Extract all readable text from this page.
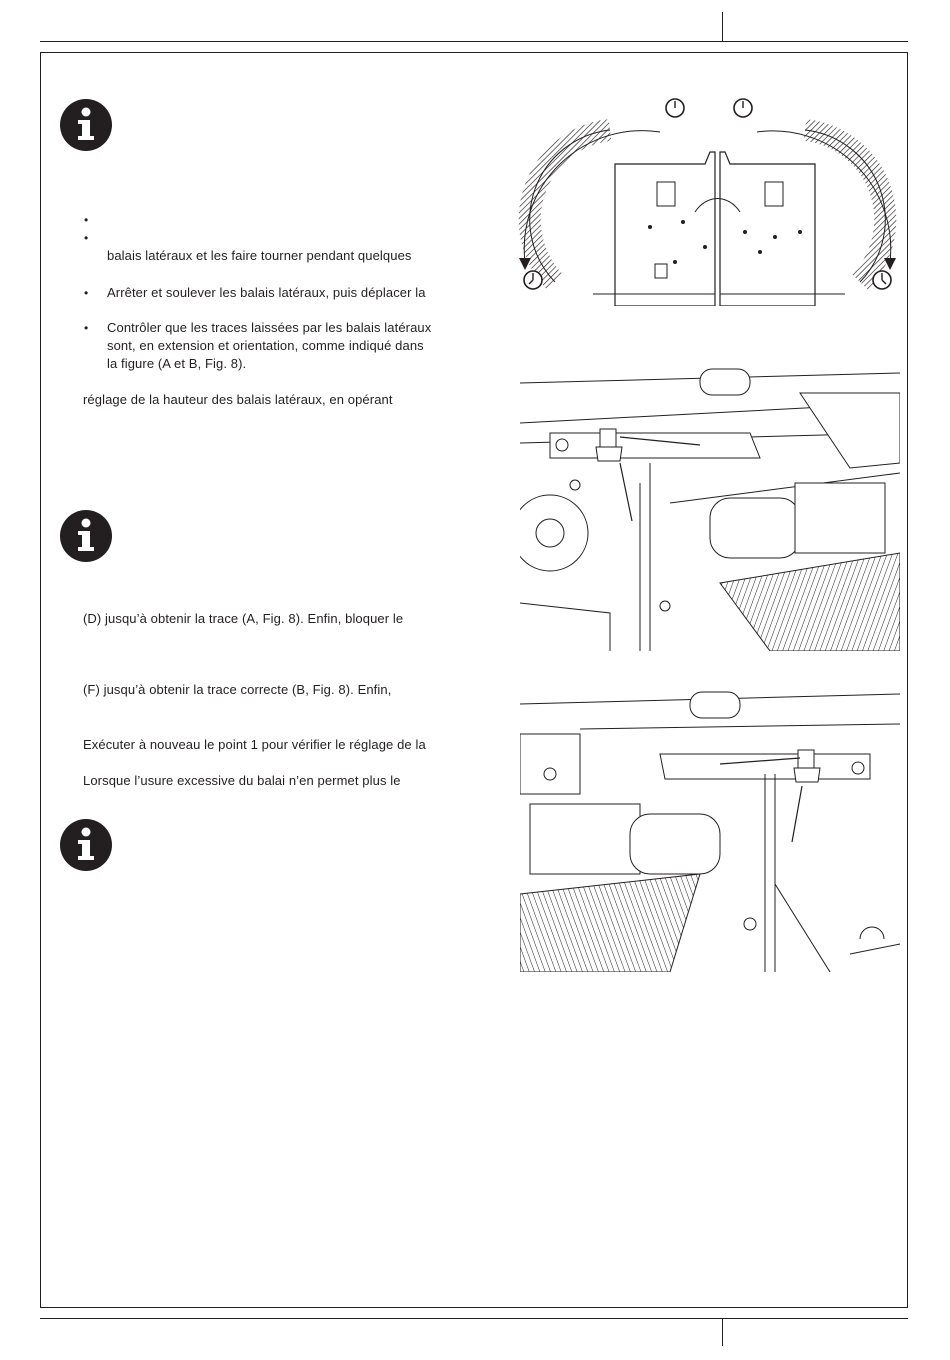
•
•
•
•
balais latéraux et les faire tourner pendant quelques
Arrêter et soulever les balais latéraux, puis déplacer la
Contrôler que les traces laissées par les balais latéraux
sont, en extension et orientation, comme indiqué dans
la figure (A et B, Fig. 8).
réglage de la hauteur des balais latéraux, en opérant
(D) jusqu’à obtenir la trace (A, Fig. 8). Enfin, bloquer le
(F) jusqu’à obtenir la trace correcte (B, Fig. 8). Enfin,
Exécuter à nouveau le point 1 pour vérifier le réglage de la
Lorsque l’usure excessive du balai n’en permet plus le
